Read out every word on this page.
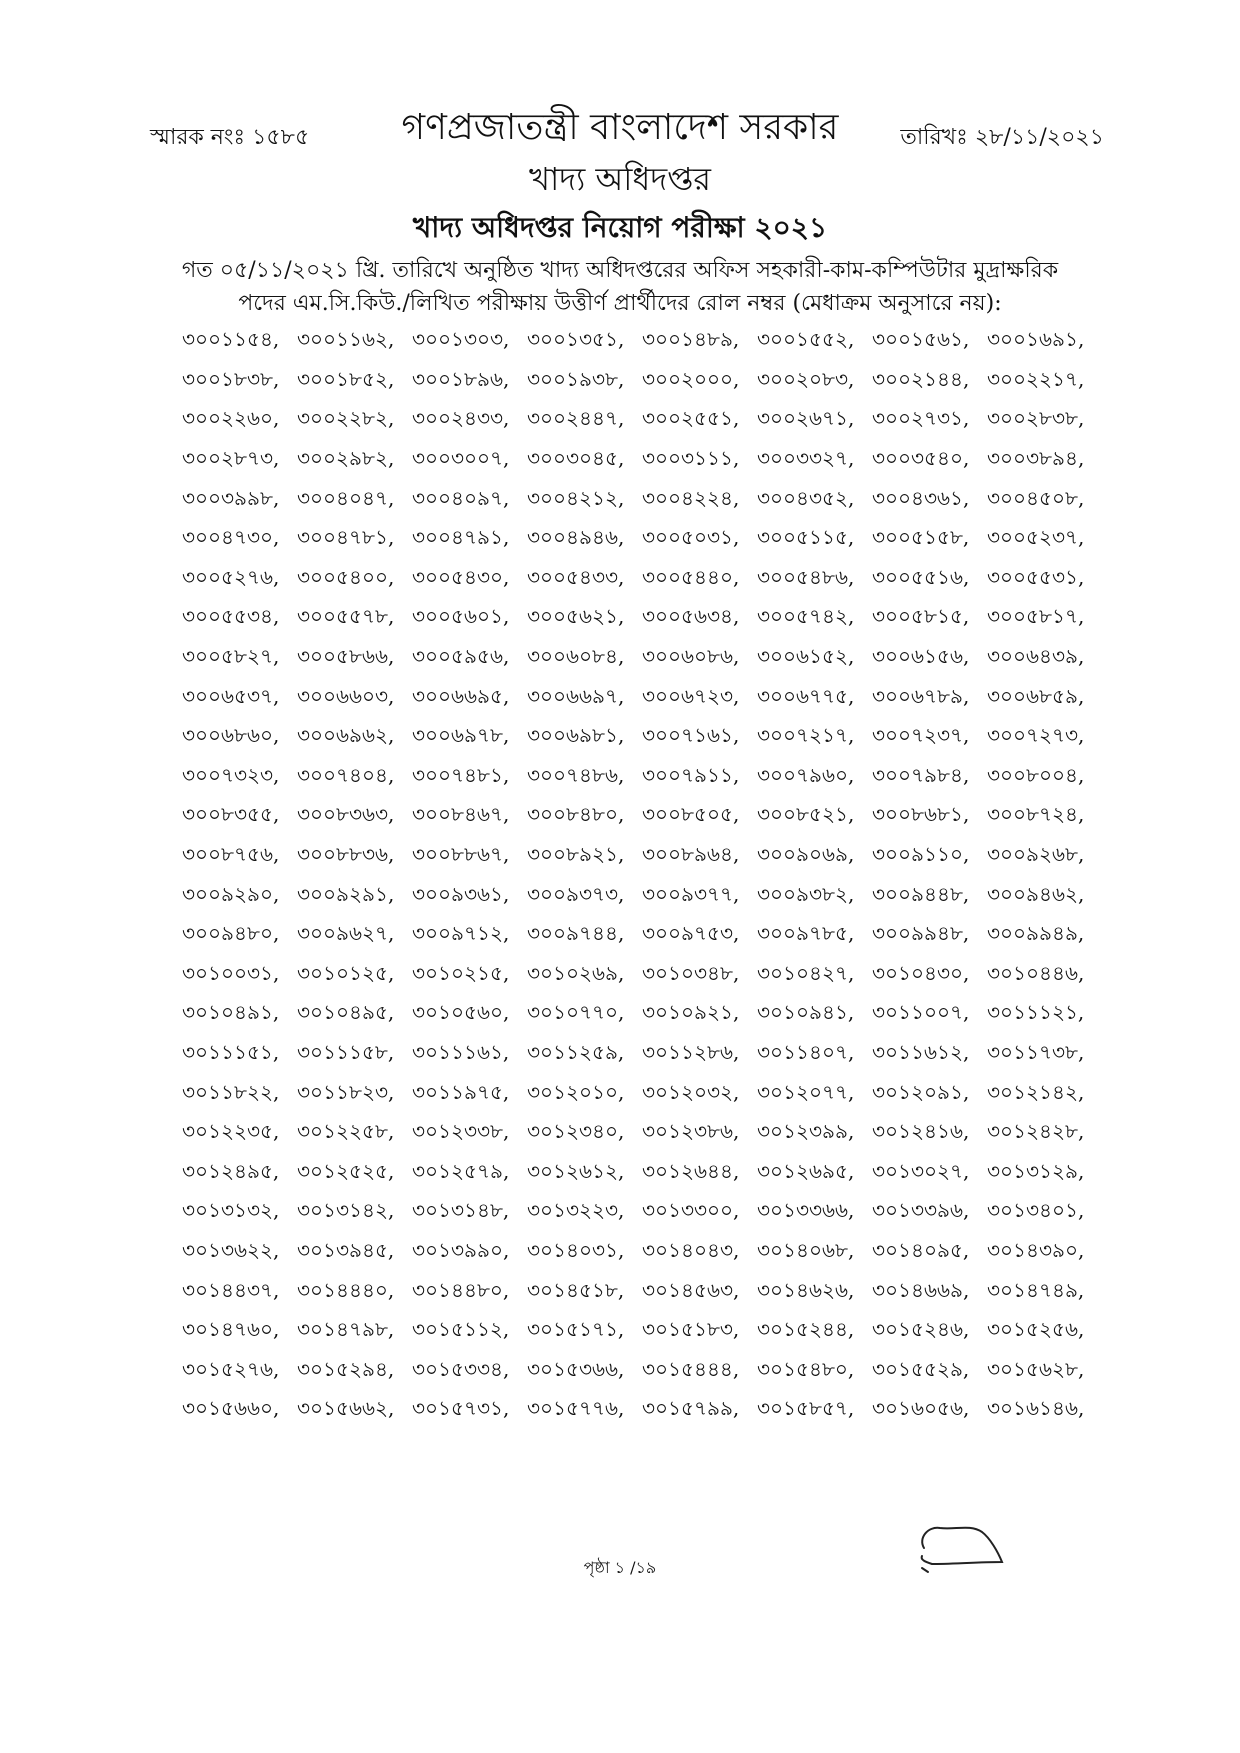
স্মারক নংঃ ১৫৮৫	তারিখঃ ২৮/১১/২০২১
গণপ্রজাতন্ত্রী বাংলাদেশ সরকার
খাদ্য অধিদপ্তর
খাদ্য অধিদপ্তর নিয়োগ পরীক্ষা ২০২১
গত ০৫/১১/২০২১ খ্রি. তারিখে অনুষ্ঠিত খাদ্য অধিদপ্তরের অফিস সহকারী-কাম-কম্পিউটার মুদ্রাক্ষরিক
পদের এম.সি.কিউ./লিখিত পরীক্ষায় উত্তীর্ণ প্রার্থীদের রোল নম্বর (মেধাক্রম অনুসারে নয়):
৩০০১১৫৪, ৩০০১১৬২, ৩০০১৩০৩, ৩০০১৩৫১, ৩০০১৪৮৯, ৩০০১৫৫২, ৩০০১৫৬১, ৩০০১৬৯১,
৩০০১৮৩৮, ৩০০১৮৫২, ৩০০১৮৯৬, ৩০০১৯৩৮, ৩০০২০০০, ৩০০২০৮৩, ৩০০২১৪৪, ৩০০২২১৭,
৩০০২২৬০, ৩০০২২৮২, ৩০০২৪৩৩, ৩০০২৪৪৭, ৩০০২৫৫১, ৩০০২৬৭১, ৩০০২৭৩১, ৩০০২৮৩৮,
৩০০২৮৭৩, ৩০০২৯৮২, ৩০০৩০০৭, ৩০০৩০৪৫, ৩০০৩১১১, ৩০০৩৩২৭, ৩০০৩৫৪০, ৩০০৩৮৯৪,
৩০০৩৯৯৮, ৩০০৪০৪৭, ৩০০৪০৯৭, ৩০০৪২১২, ৩০০৪২২৪, ৩০০৪৩৫২, ৩০০৪৩৬১, ৩০০৪৫০৮,
৩০০৪৭৩০, ৩০০৪৭৮১, ৩০০৪৭৯১, ৩০০৪৯৪৬, ৩০০৫০৩১, ৩০০৫১১৫, ৩০০৫১৫৮, ৩০০৫২৩৭,
৩০০৫২৭৬, ৩০০৫৪০০, ৩০০৫৪৩০, ৩০০৫৪৩৩, ৩০০৫৪৪০, ৩০০৫৪৮৬, ৩০০৫৫১৬, ৩০০৫৫৩১,
৩০০৫৫৩৪, ৩০০৫৫৭৮, ৩০০৫৬০১, ৩০০৫৬২১, ৩০০৫৬৩৪, ৩০০৫৭৪২, ৩০০৫৮১৫, ৩০০৫৮১৭,
৩০০৫৮২৭, ৩০০৫৮৬৬, ৩০০৫৯৫৬, ৩০০৬০৮৪, ৩০০৬০৮৬, ৩০০৬১৫২, ৩০০৬১৫৬, ৩০০৬৪৩৯,
৩০০৬৫৩৭, ৩০০৬৬০৩, ৩০০৬৬৯৫, ৩০০৬৬৯৭, ৩০০৬৭২৩, ৩০০৬৭৭৫, ৩০০৬৭৮৯, ৩০০৬৮৫৯,
৩০০৬৮৬০, ৩০০৬৯৬২, ৩০০৬৯৭৮, ৩০০৬৯৮১, ৩০০৭১৬১, ৩০০৭২১৭, ৩০০৭২৩৭, ৩০০৭২৭৩,
৩০০৭৩২৩, ৩০০৭৪০৪, ৩০০৭৪৮১, ৩০০৭৪৮৬, ৩০০৭৯১১, ৩০০৭৯৬০, ৩০০৭৯৮৪, ৩০০৮০০৪,
৩০০৮৩৫৫, ৩০০৮৩৬৩, ৩০০৮৪৬৭, ৩০০৮৪৮০, ৩০০৮৫০৫, ৩০০৮৫২১, ৩০০৮৬৮১, ৩০০৮৭২৪,
৩০০৮৭৫৬, ৩০০৮৮৩৬, ৩০০৮৮৬৭, ৩০০৮৯২১, ৩০০৮৯৬৪, ৩০০৯০৬৯, ৩০০৯১১০, ৩০০৯২৬৮,
৩০০৯২৯০, ৩০০৯২৯১, ৩০০৯৩৬১, ৩০০৯৩৭৩, ৩০০৯৩৭৭, ৩০০৯৩৮২, ৩০০৯৪৪৮, ৩০০৯৪৬২,
৩০০৯৪৮০, ৩০০৯৬২৭, ৩০০৯৭১২, ৩০০৯৭৪৪, ৩০০৯৭৫৩, ৩০০৯৭৮৫, ৩০০৯৯৪৮, ৩০০৯৯৪৯,
৩০১০০৩১, ৩০১০১২৫, ৩০১০২১৫, ৩০১০২৬৯, ৩০১০৩৪৮, ৩০১০৪২৭, ৩০১০৪৩০, ৩০১০৪৪৬,
৩০১০৪৯১, ৩০১০৪৯৫, ৩০১০৫৬০, ৩০১০৭৭০, ৩০১০৯২১, ৩০১০৯৪১, ৩০১১০০৭, ৩০১১১২১,
৩০১১১৫১, ৩০১১১৫৮, ৩০১১১৬১, ৩০১১২৫৯, ৩০১১২৮৬, ৩০১১৪০৭, ৩০১১৬১২, ৩০১১৭৩৮,
৩০১১৮২২, ৩০১১৮২৩, ৩০১১৯৭৫, ৩০১২০১০, ৩০১২০৩২, ৩০১২০৭৭, ৩০১২০৯১, ৩০১২১৪২,
৩০১২২৩৫, ৩০১২২৫৮, ৩০১২৩৩৮, ৩০১২৩৪০, ৩০১২৩৮৬, ৩০১২৩৯৯, ৩০১২৪১৬, ৩০১২৪২৮,
৩০১২৪৯৫, ৩০১২৫২৫, ৩০১২৫৭৯, ৩০১২৬১২, ৩০১২৬৪৪, ৩০১২৬৯৫, ৩০১৩০২৭, ৩০১৩১২৯,
৩০১৩১৩২, ৩০১৩১৪২, ৩০১৩১৪৮, ৩০১৩২২৩, ৩০১৩৩০০, ৩০১৩৩৬৬, ৩০১৩৩৯৬, ৩০১৩৪০১,
৩০১৩৬২২, ৩০১৩৯৪৫, ৩০১৩৯৯০, ৩০১৪০৩১, ৩০১৪০৪৩, ৩০১৪০৬৮, ৩০১৪০৯৫, ৩০১৪৩৯০,
৩০১৪৪৩৭, ৩০১৪৪৪০, ৩০১৪৪৮০, ৩০১৪৫১৮, ৩০১৪৫৬৩, ৩০১৪৬২৬, ৩০১৪৬৬৯, ৩০১৪৭৪৯,
৩০১৪৭৬০, ৩০১৪৭৯৮, ৩০১৫১১২, ৩০১৫১৭১, ৩০১৫১৮৩, ৩০১৫২৪৪, ৩০১৫২৪৬, ৩০১৫২৫৬,
৩০১৫২৭৬, ৩০১৫২৯৪, ৩০১৫৩৩৪, ৩০১৫৩৬৬, ৩০১৫৪৪৪, ৩০১৫৪৮০, ৩০১৫৫২৯, ৩০১৫৬২৮,
৩০১৫৬৬০, ৩০১৫৬৬২, ৩০১৫৭৩১, ৩০১৫৭৭৬, ৩০১৫৭৯৯, ৩০১৫৮৫৭, ৩০১৬০৫৬, ৩০১৬১৪৬,
পৃষ্ঠা ১ /১৯
